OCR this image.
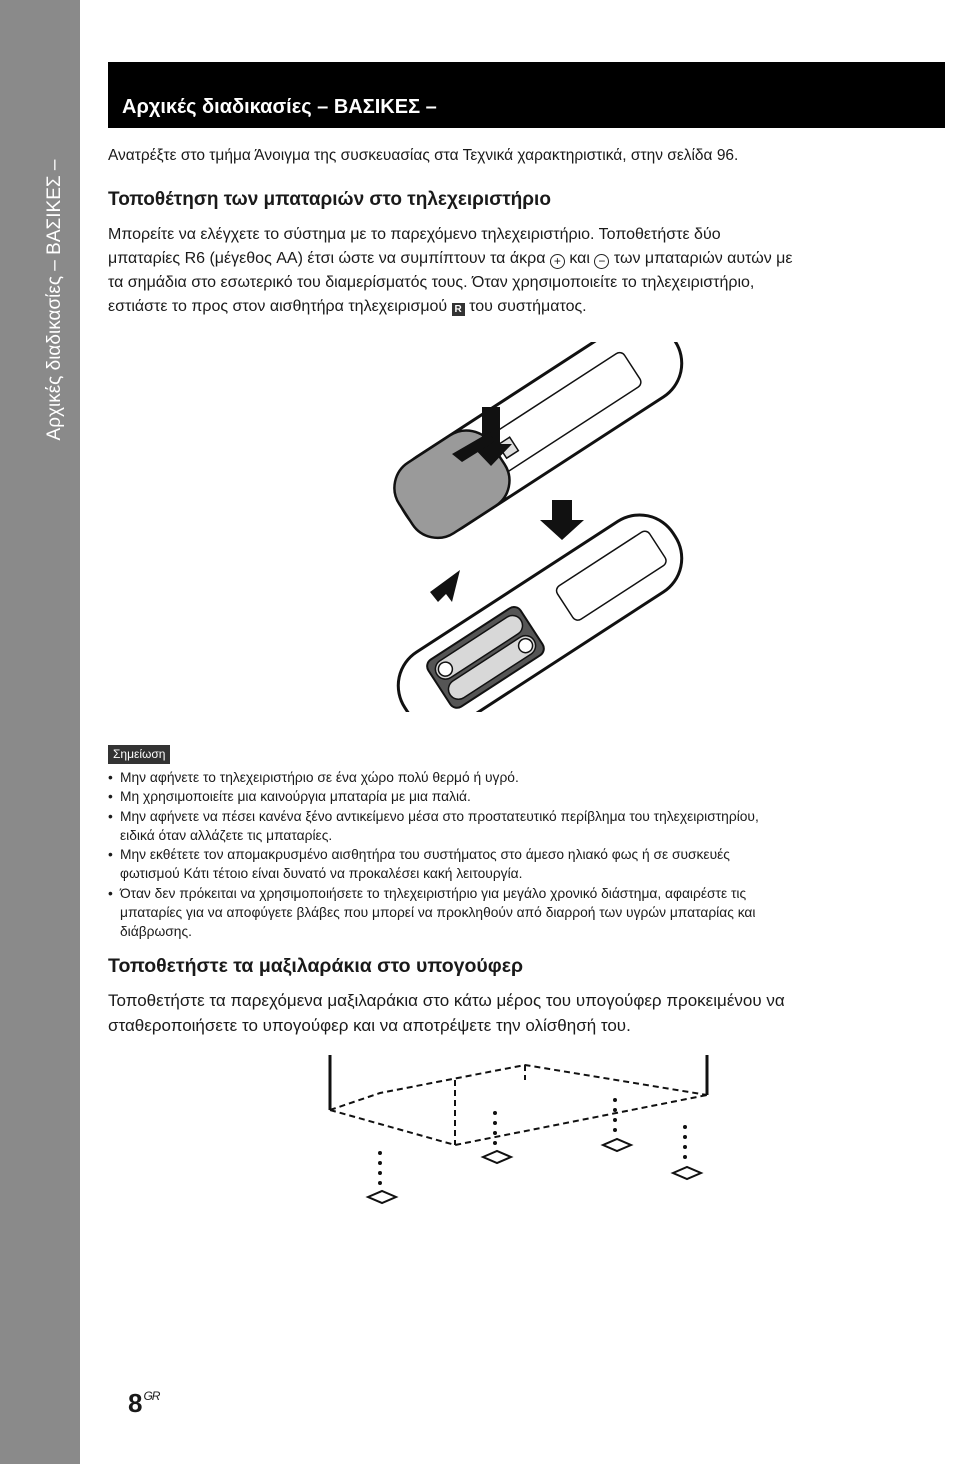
Αρχικές διαδικασίες – ΒΑΣΙΚΕΣ –
Αρχικές διαδικασίες – ΒΑΣΙΚΕΣ –

Ανατρέξτε στο τμήμα Άνοιγμα της συσκευασίας στα Τεχνικά χαρακτηριστικά, στην σελίδα 96.

Τοποθέτηση των μπαταριών στο τηλεχειριστήριο

Μπορείτε να ελέγχετε το σύστημα με το παρεχόμενο τηλεχειριστήριο. Τοποθετήστε δύο
μπαταρίες R6 (μέγεθος AA) έτσι ώστε να συμπίπτουν τα άκρα + και − των μπαταριών αυτών με
τα σημάδια στο εσωτερικό του διαμερίσματός τους. Όταν χρησιμοποιείτε το τηλεχειριστήριο,
εστιάστε το προς στον αισθητήρα τηλεχειρισμού R του συστήματος.
Σημείωση
• Μην αφήνετε το τηλεχειριστήριο σε ένα χώρο πολύ θερμό ή υγρό.
• Μη χρησιμοποιείτε μια καινούργια μπαταρία με μια παλιά.
• Μην αφήνετε να πέσει κανένα ξένο αντικείμενο μέσα στο προστατευτικό περίβλημα του τηλεχειριστηρίου,
ειδικά όταν αλλάζετε τις μπαταρίες.
• Μην εκθέτετε τον απομακρυσμένο αισθητήρα του συστήματος στο άμεσο ηλιακό φως ή σε συσκευές
φωτισμού Κάτι τέτοιο είναι δυνατό να προκαλέσει κακή λειτουργία.
• Όταν δεν πρόκειται να χρησιμοποιήσετε το τηλεχειριστήριο για μεγάλο χρονικό διάστημα, αφαιρέστε τις
μπαταρίες για να αποφύγετε βλάβες που μπορεί να προκληθούν από διαρροή των υγρών μπαταρίας και
διάβρωσης.

Τοποθετήστε τα μαξιλαράκια στο υπογούφερ

Τοποθετήστε τα παρεχόμενα μαξιλαράκια στο κάτω μέρος του υπογούφερ προκειμένου να
σταθεροποιήσετε το υπογούφερ και να αποτρέψετε την ολίσθησή του.
8 $^{GR}$
